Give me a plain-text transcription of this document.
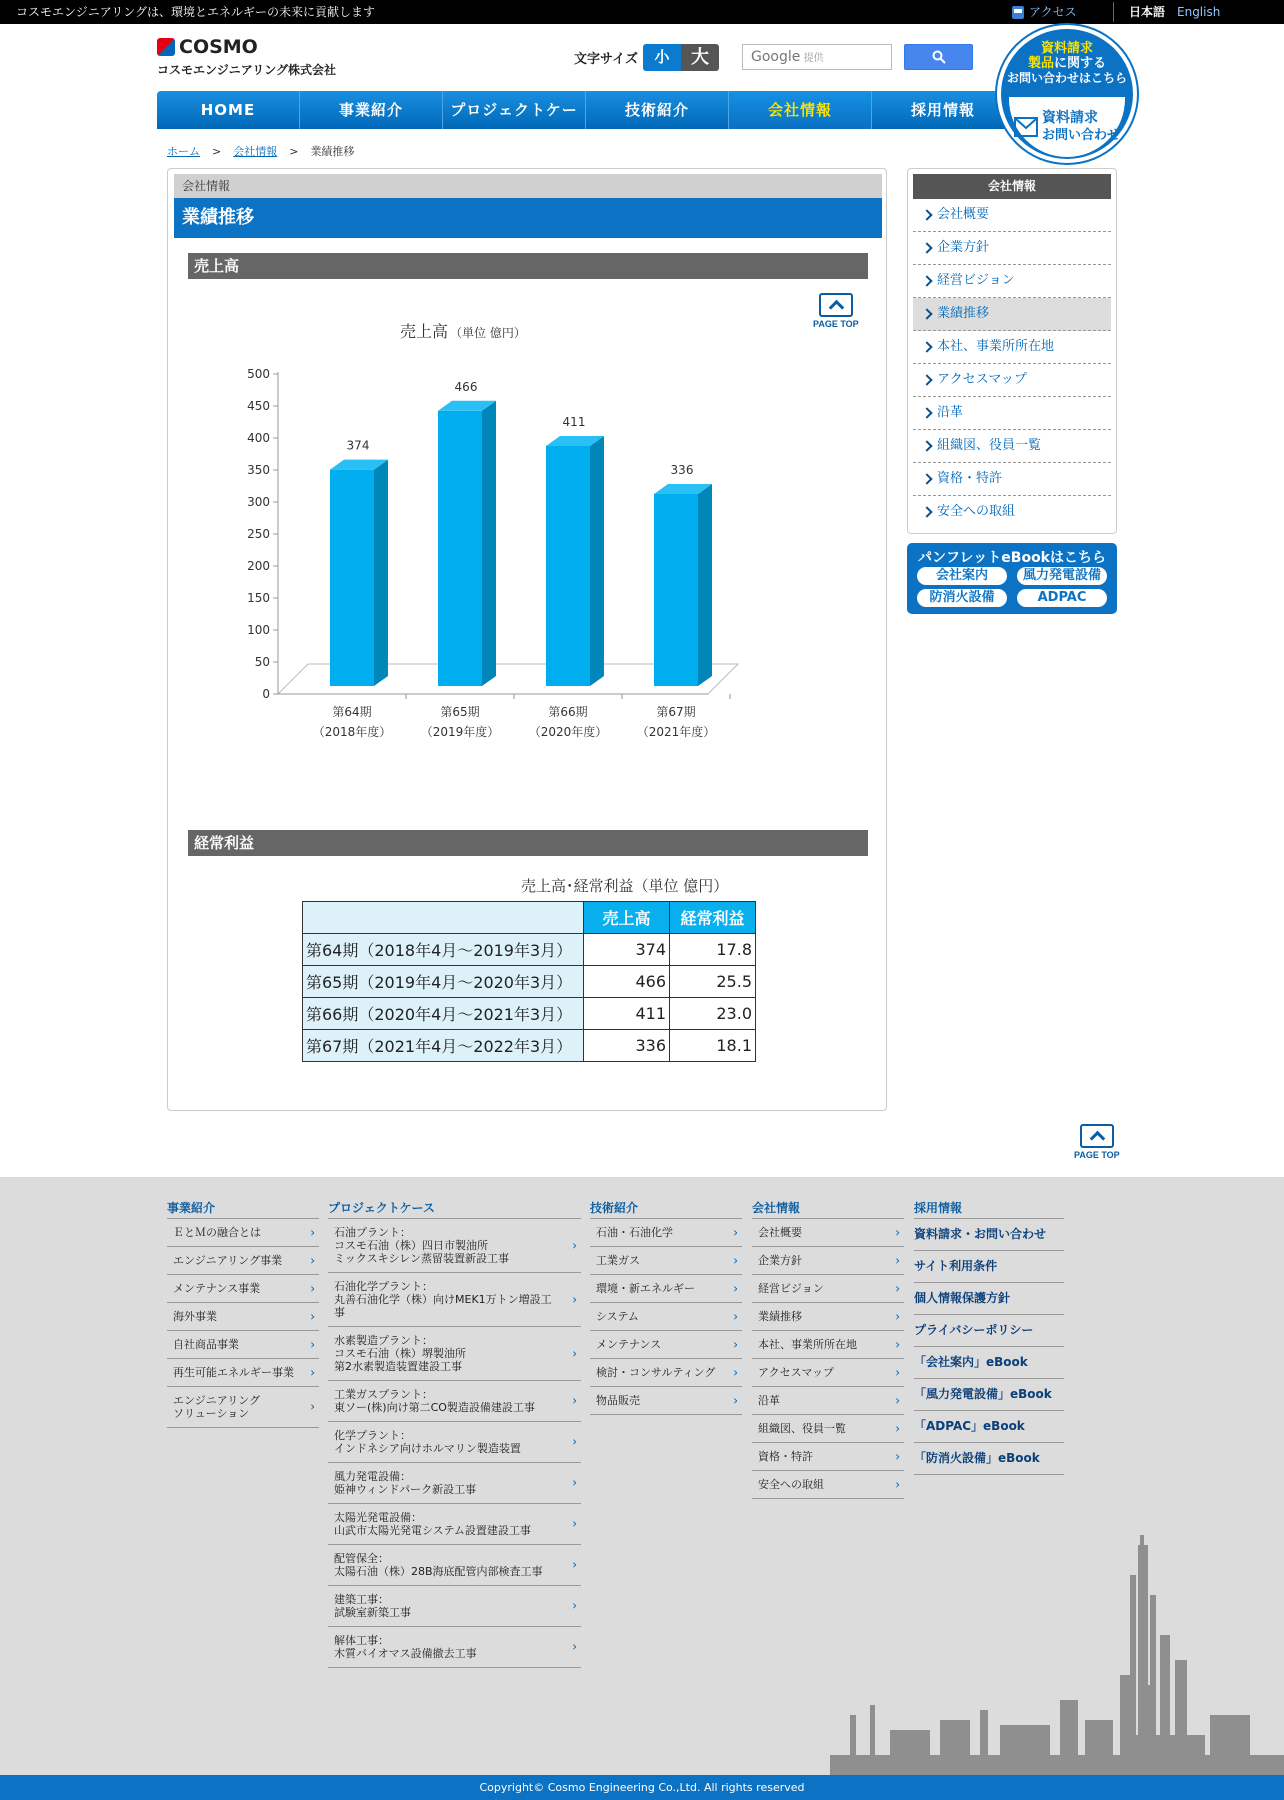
コスモエンジニアリングは、環境とエネルギーの未来に貢献します	アクセス	日本語 English
COSMO
コスモエンジニアリング株式会社
文字サイズ	小	大	Google 提供
HOME	事業紹介	プロジェクトケース
技術紹介	会社情報	採用情報
資料請求
製品に関する
お問い合わせはこちら
資料請求
お問い合わせ
ホーム > 会社情報 > 業績推移
会社情報
業績推移
売上高
PAGE TOP
売上高 （単位 億円）
0
50
100
150
200
250
300
350
400
450
500
374
第64期
（2018年度）
466
第65期
（2019年度）
411
第66期
（2020年度）
336
第67期
（2021年度）
経常利益
売上高･経常利益（単位 億円）
	売上高	経常利益
第64期（2018年4月～2019年3月）	374	17.8
第65期（2019年4月～2020年3月）	466	25.5
第66期（2020年4月～2021年3月）	411	23.0
第67期（2021年4月～2022年3月）	336	18.1
会社情報
会社概要
企業方針
経営ビジョン
業績推移
本社、事業所所在地
アクセスマップ
沿革
組織図、役員一覧
資格・特許
安全への取組
パンフレットeBookはこちら
会社案内	風力発電設備
防消火設備	ADPAC
PAGE TOP
事業紹介
ＥとＭの融合とは ›
エンジニアリング事業 ›
メンテナンス事業 ›
海外事業 ›
自社商品事業 ›
再生可能エネルギー事業 ›
エンジニアリング
ソリューション ›
プロジェクトケース
石油プラント：
コスモ石油（株）四日市製油所
ミックスキシレン蒸留装置新設工事 ›
石油化学プラント：
丸善石油化学（株）向けMEK1万トン増設工事 ›
水素製造プラント：
コスモ石油（株）堺製油所
第2水素製造装置建設工事 ›
工業ガスプラント：
東ソー(株)向け第二CO製造設備建設工事 ›
化学プラント：
インドネシア向けホルマリン製造装置 ›
風力発電設備：
姫神ウィンドパーク新設工事 ›
太陽光発電設備：
山武市太陽光発電システム設置建設工事 ›
配管保全：
太陽石油（株）28B海底配管内部検査工事 ›
建築工事：
試験室新築工事 ›
解体工事：
木質バイオマス設備撤去工事 ›
技術紹介
石油・石油化学 ›
工業ガス ›
環境・新エネルギー ›
システム ›
メンテナンス ›
検討・コンサルティング ›
物品販売 ›
会社情報
会社概要 ›
企業方針 ›
経営ビジョン ›
業績推移 ›
本社、事業所所在地 ›
アクセスマップ ›
沿革 ›
組織図、役員一覧 ›
資格・特許 ›
安全への取組 ›
採用情報
資料請求・お問い合わせ
サイト利用条件
個人情報保護方針
プライバシーポリシー
「会社案内」eBook
「風力発電設備」eBook
「ADPAC」eBook
「防消火設備」eBook
Copyright© Cosmo Engineering Co.,Ltd. All rights reserved
